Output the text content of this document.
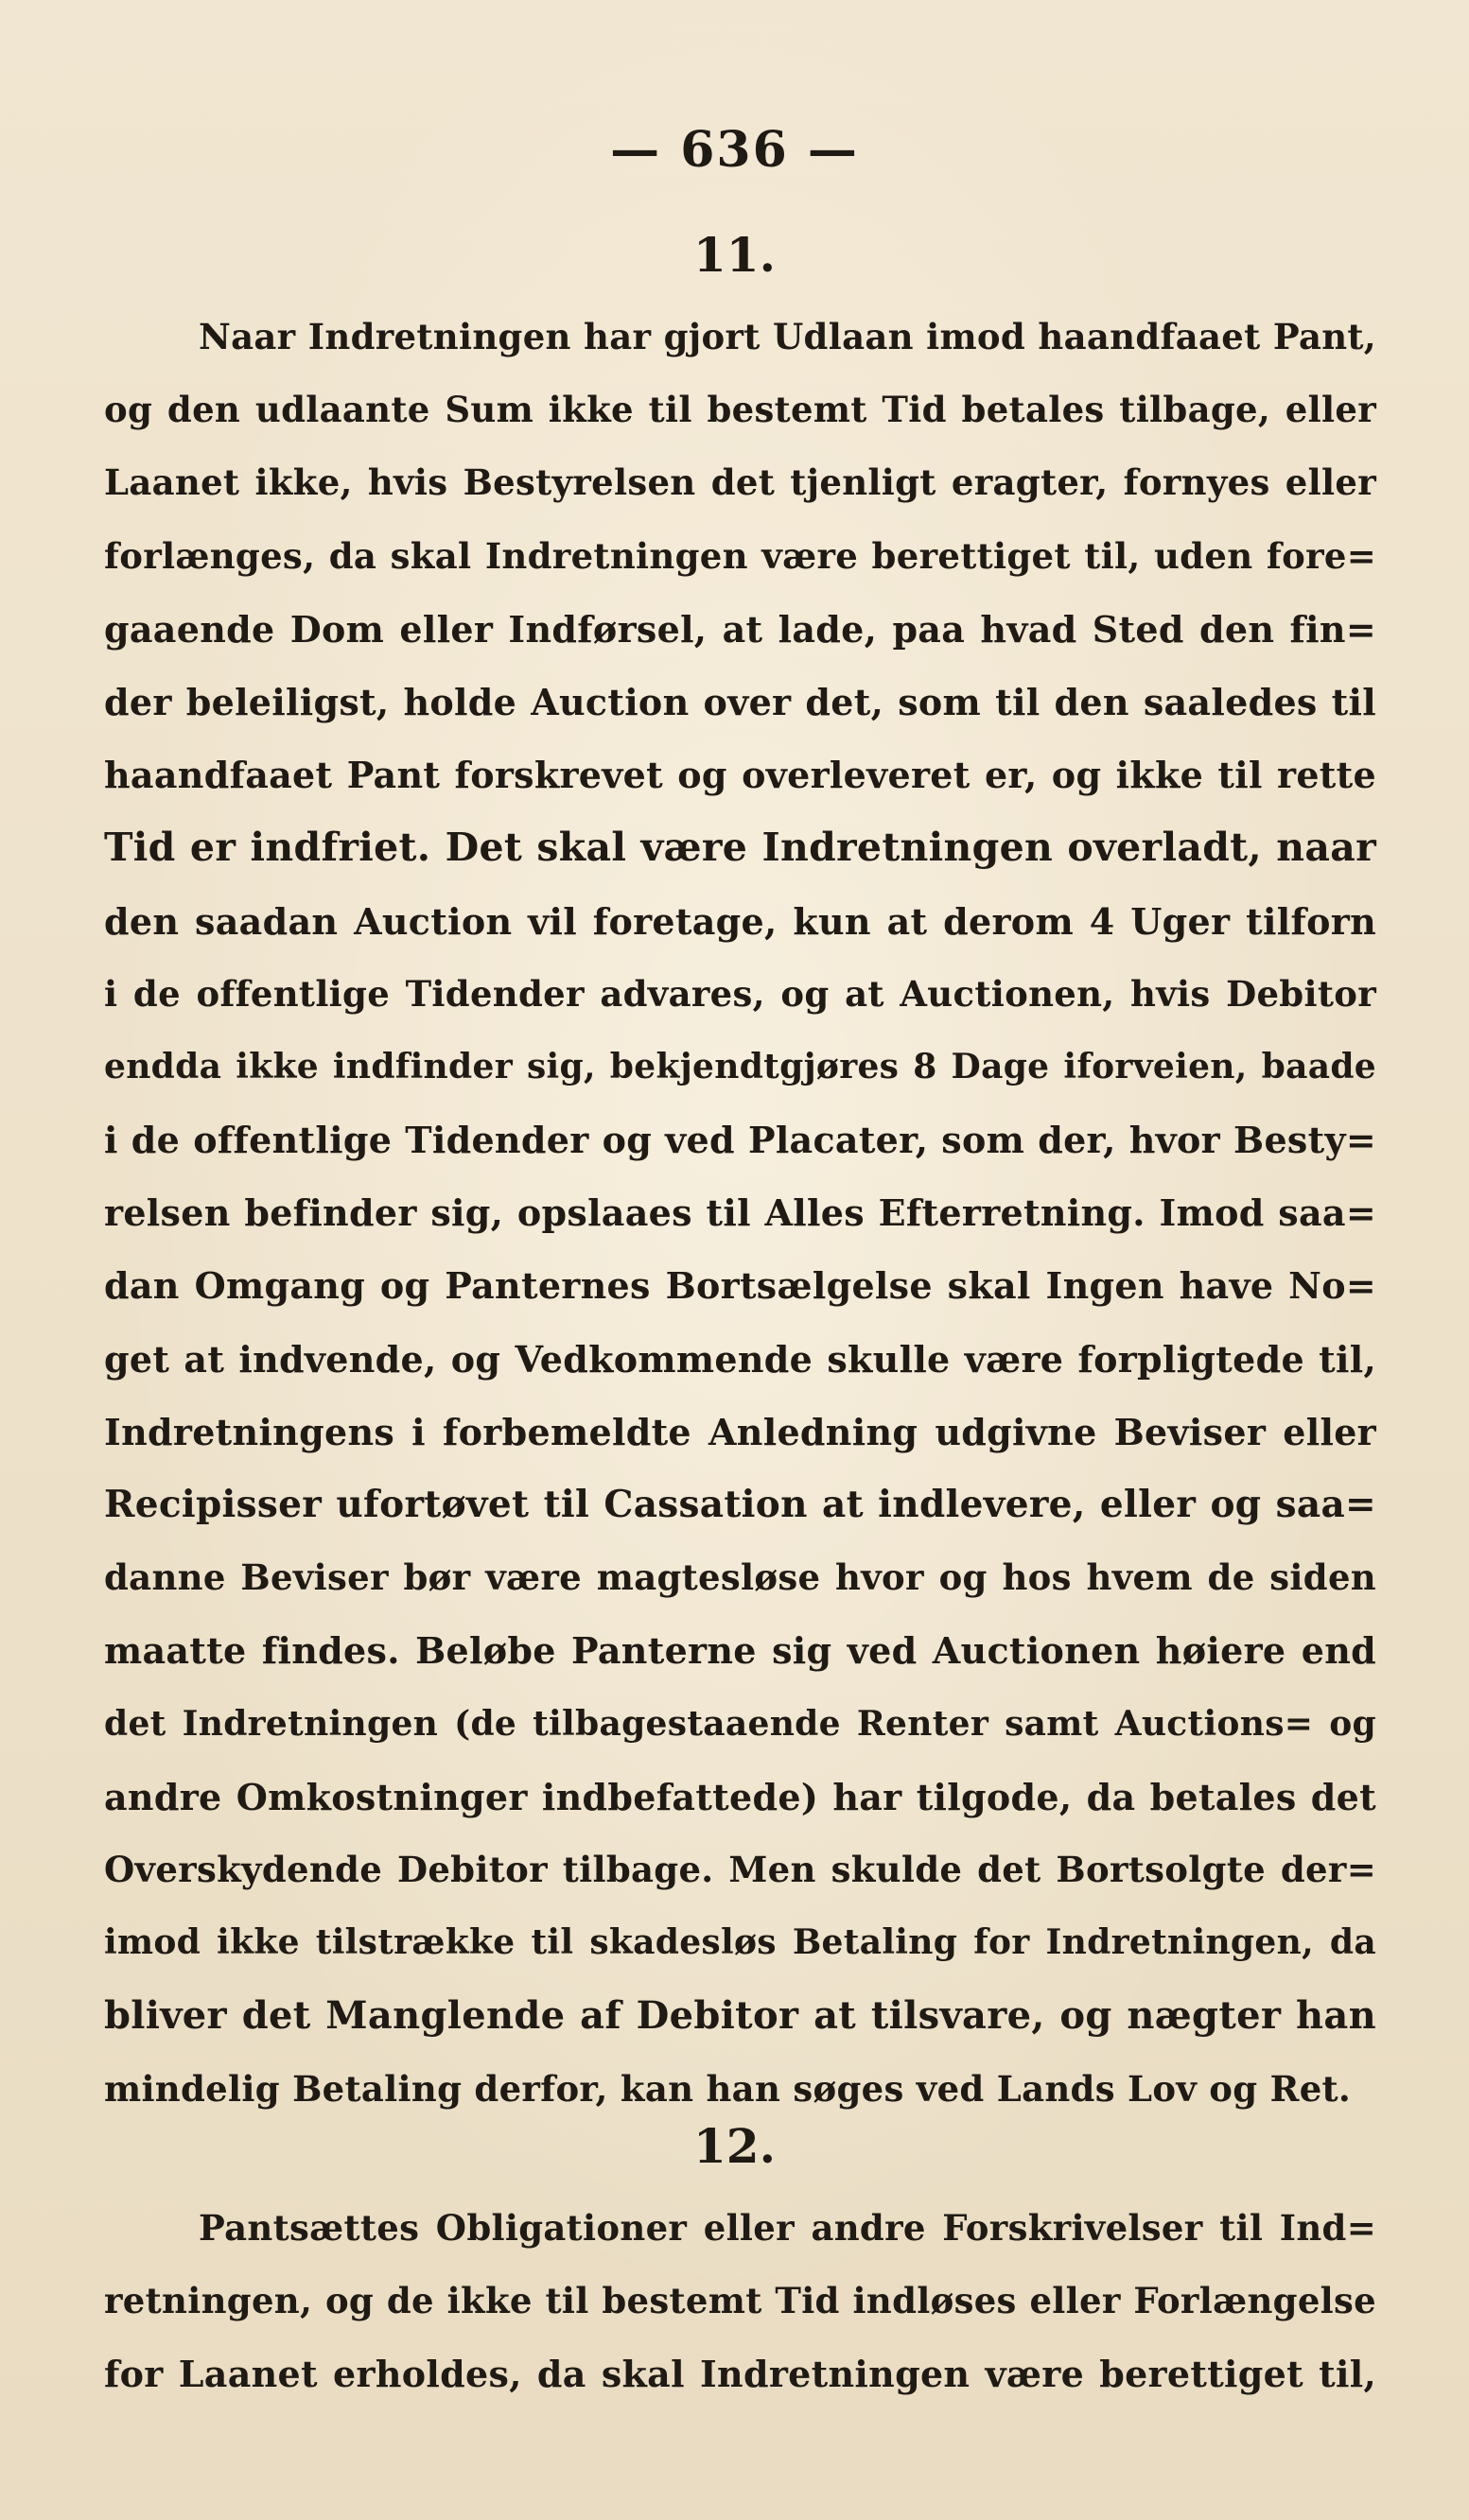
— 636 —
11.
Naar Indretningen har gjort Udlaan imod haandfaaet Pant,
og den udlaante Sum ikke til bestemt Tid betales tilbage, eller
Laanet ikke, hvis Bestyrelsen det tjenligt eragter, fornyes eller
forlænges, da skal Indretningen være berettiget til, uden fore=
gaaende Dom eller Indførsel, at lade, paa hvad Sted den fin=
der beleiligst, holde Auction over det, som til den saaledes til
haandfaaet Pant forskrevet og overleveret er, og ikke til rette
Tid er indfriet. Det skal være Indretningen overladt, naar
den saadan Auction vil foretage, kun at derom 4 Uger tilforn
i de offentlige Tidender advares, og at Auctionen, hvis Debitor
endda ikke indfinder sig, bekjendtgjøres 8 Dage iforveien, baade
i de offentlige Tidender og ved Placater, som der, hvor Besty=
relsen befinder sig, opslaaes til Alles Efterretning. Imod saa=
dan Omgang og Panternes Bortsælgelse skal Ingen have No=
get at indvende, og Vedkommende skulle være forpligtede til,
Indretningens i forbemeldte Anledning udgivne Beviser eller
Recipisser ufortøvet til Cassation at indlevere, eller og saa=
danne Beviser bør være magtesløse hvor og hos hvem de siden
maatte findes. Beløbe Panterne sig ved Auctionen høiere end
det Indretningen (de tilbagestaaende Renter samt Auctions= og
andre Omkostninger indbefattede) har tilgode, da betales det
Overskydende Debitor tilbage. Men skulde det Bortsolgte der=
imod ikke tilstrække til skadesløs Betaling for Indretningen, da
bliver det Manglende af Debitor at tilsvare, og nægter han
mindelig Betaling derfor, kan han søges ved Lands Lov og Ret.
12.
Pantsættes Obligationer eller andre Forskrivelser til Ind=
retningen, og de ikke til bestemt Tid indløses eller Forlængelse
for Laanet erholdes, da skal Indretningen være berettiget til,
